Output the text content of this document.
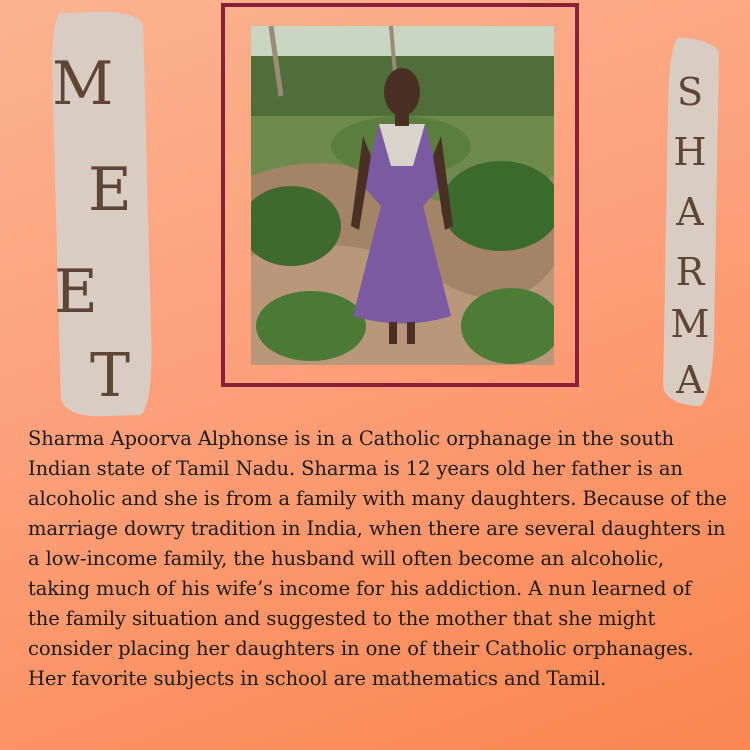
M
E
E
T
S
H
A
R
M
A
Sharma Apoorva Alphonse is in a Catholic orphanage in the south
Indian state of Tamil Nadu. Sharma is 12 years old her father is an
alcoholic and she is from a family with many daughters. Because of the
marriage dowry tradition in India, when there are several daughters in
a low-income family, the husband will often become an alcoholic,
taking much of his wife’s income for his addiction. A nun learned of
the family situation and suggested to the mother that she might
consider placing her daughters in one of their Catholic orphanages.
Her favorite subjects in school are mathematics and Tamil.
